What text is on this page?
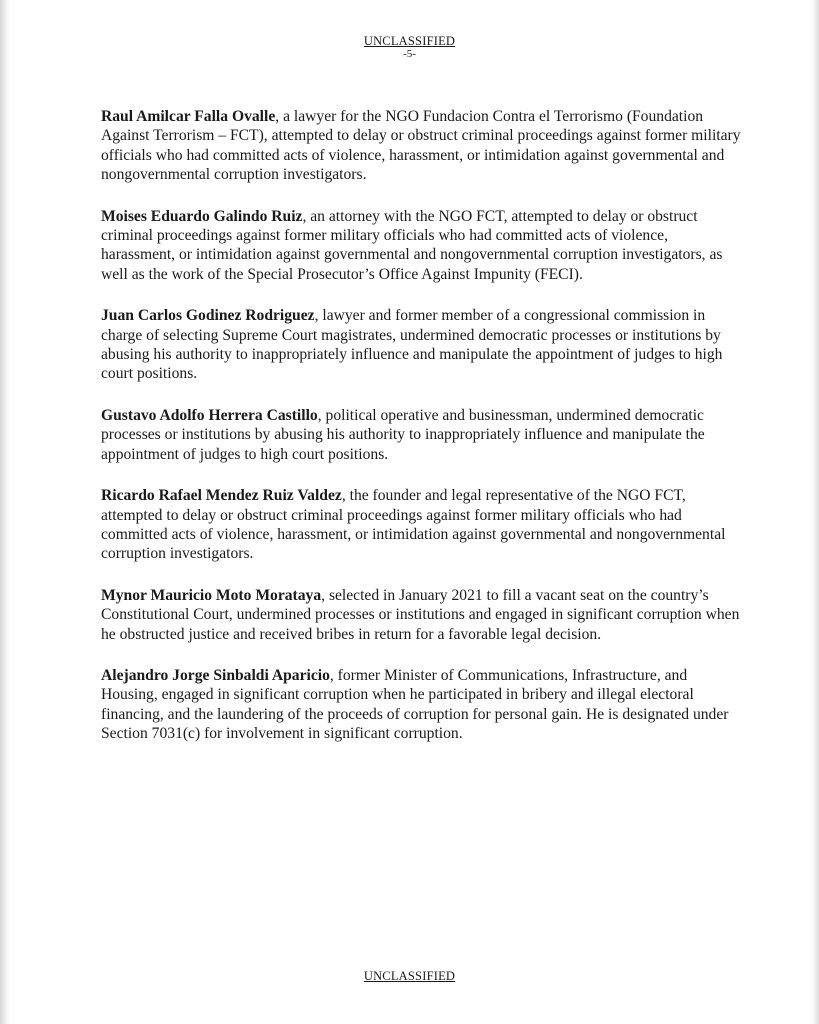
UNCLASSIFIED
-5-

Raul Amilcar Falla Ovalle, a lawyer for the NGO Fundacion Contra el Terrorismo (Foundation Against Terrorism – FCT), attempted to delay or obstruct criminal proceedings against former military officials who had committed acts of violence, harassment, or intimidation against governmental and nongovernmental corruption investigators.

Moises Eduardo Galindo Ruiz, an attorney with the NGO FCT, attempted to delay or obstruct criminal proceedings against former military officials who had committed acts of violence, harassment, or intimidation against governmental and nongovernmental corruption investigators, as well as the work of the Special Prosecutor’s Office Against Impunity (FECI).

Juan Carlos Godinez Rodriguez, lawyer and former member of a congressional commission in charge of selecting Supreme Court magistrates, undermined democratic processes or institutions by abusing his authority to inappropriately influence and manipulate the appointment of judges to high court positions.

Gustavo Adolfo Herrera Castillo, political operative and businessman, undermined democratic processes or institutions by abusing his authority to inappropriately influence and manipulate the appointment of judges to high court positions.

Ricardo Rafael Mendez Ruiz Valdez, the founder and legal representative of the NGO FCT, attempted to delay or obstruct criminal proceedings against former military officials who had committed acts of violence, harassment, or intimidation against governmental and nongovernmental corruption investigators.

Mynor Mauricio Moto Morataya, selected in January 2021 to fill a vacant seat on the country’s Constitutional Court, undermined processes or institutions and engaged in significant corruption when he obstructed justice and received bribes in return for a favorable legal decision.

Alejandro Jorge Sinbaldi Aparicio, former Minister of Communications, Infrastructure, and Housing, engaged in significant corruption when he participated in bribery and illegal electoral financing, and the laundering of the proceeds of corruption for personal gain. He is designated under Section 7031(c) for involvement in significant corruption.

UNCLASSIFIED
